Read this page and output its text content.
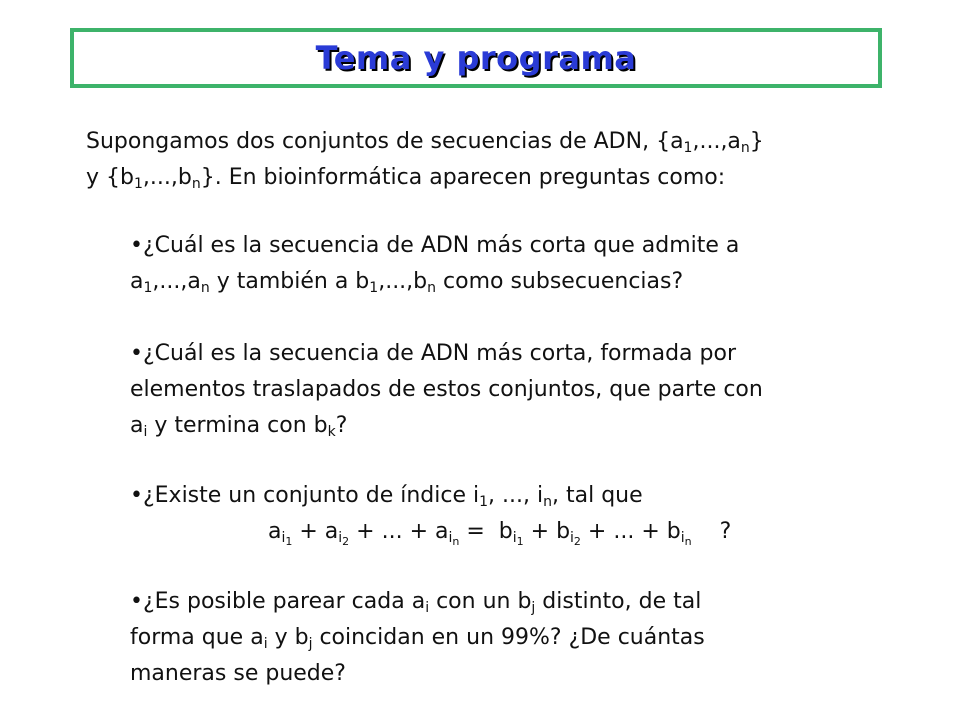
Tema y programa

Supongamos dos conjuntos de secuencias de ADN, $\{a_1,...,a_n\}$
y $\{b_1,...,b_n\}$. En bioinformática aparecen preguntas como:

•¿Cuál es la secuencia de ADN más corta que admite a
$a_1,...,a_n$ y también a $b_1,...,b_n$ como subsecuencias?

•¿Cuál es la secuencia de ADN más corta, formada por
elementos traslapados de estos conjuntos, que parte con
$a_i$ y termina con $b_k$?

•¿Existe un conjunto de índice $i_1$, ..., $i_n$, tal que
$a_{i_1} + a_{i_2}$ + ... + $a_{i_n} = b_{i_1} + b_{i_2}$ + ... + $b_{i_n}$ ?

•¿Es posible parear cada $a_i$ con un $b_j$ distinto, de tal
forma que $a_i$ y $b_j$ coincidan en un 99%? ¿De cuántas
maneras se puede?
